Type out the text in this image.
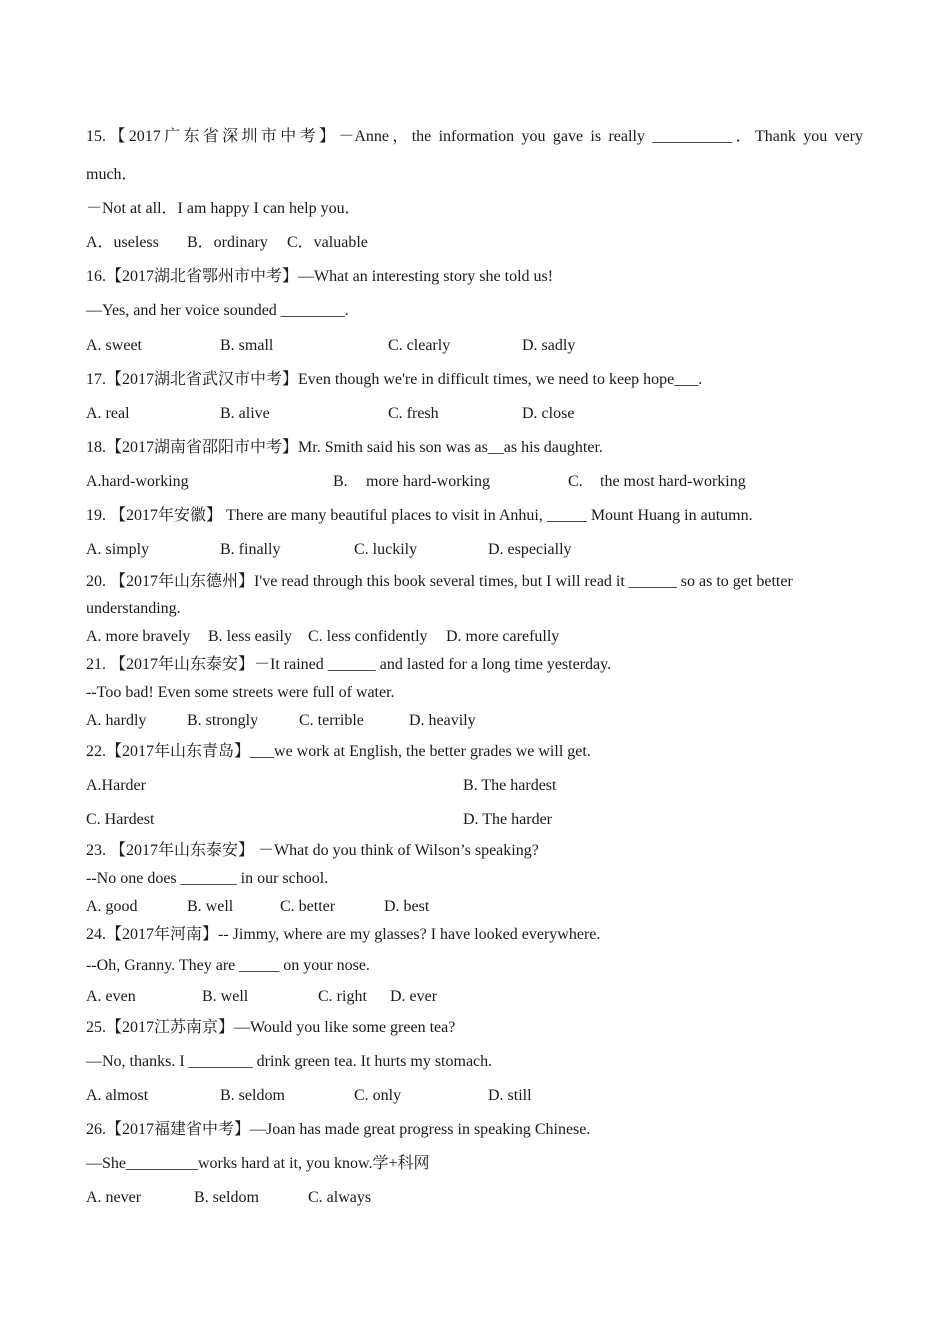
15.【2017广东省深圳市中考】－Anne，the information you gave is really __________．Thank you very
much．
－Not at all．I am happy I can help you．
A．useless B．ordinary C．valuable
16.【2017湖北省鄂州市中考】—What an interesting story she told us!
—Yes, and her voice sounded ________.
A. sweet	B. small	C. clearly	D. sadly
17.【2017湖北省武汉市中考】Even though we're in difficult times, we need to keep hope___.
A. real	B. alive	C. fresh	D. close
18.【2017湖南省邵阳市中考】Mr. Smith said his son was as__as his daughter.
A.hard-working	B. more hard-working	C. the most hard-working
19. 【2017年安徽】 There are many beautiful places to visit in Anhui, _____ Mount Huang in autumn.
A. simply	B. finally	C. luckily	D. especially
20. 【2017年山东德州】I've read through this book several times, but I will read it ______ so as to get better
understanding.
A. more bravely B. less easily C. less confidently D. more carefully
21. 【2017年山东泰安】－It rained ______ and lasted for a long time yesterday.
--Too bad! Even some streets were full of water.
A. hardly	B. strongly	C. terrible	D. heavily
22.【2017年山东青岛】___we work at English, the better grades we will get.
A.Harder	B. The hardest
C. Hardest	D. The harder
23. 【2017年山东泰安】 －What do you think of Wilson’s speaking?
--No one does _______ in our school.
A. good	B. well	C. better	D. best
24.【2017年河南】-- Jimmy, where are my glasses? I have looked everywhere.
--Oh, Granny. They are _____ on your nose.
A. even	B. well	C. right D. ever
25.【2017江苏南京】—Would you like some green tea?
—No, thanks. I ________ drink green tea. It hurts my stomach.
A. almost	B. seldom	C. only	D. still
26.【2017福建省中考】—Joan has made great progress in speaking Chinese.
—She_________works hard at it, you know.学+科网
A. never	B. seldom	C. always
